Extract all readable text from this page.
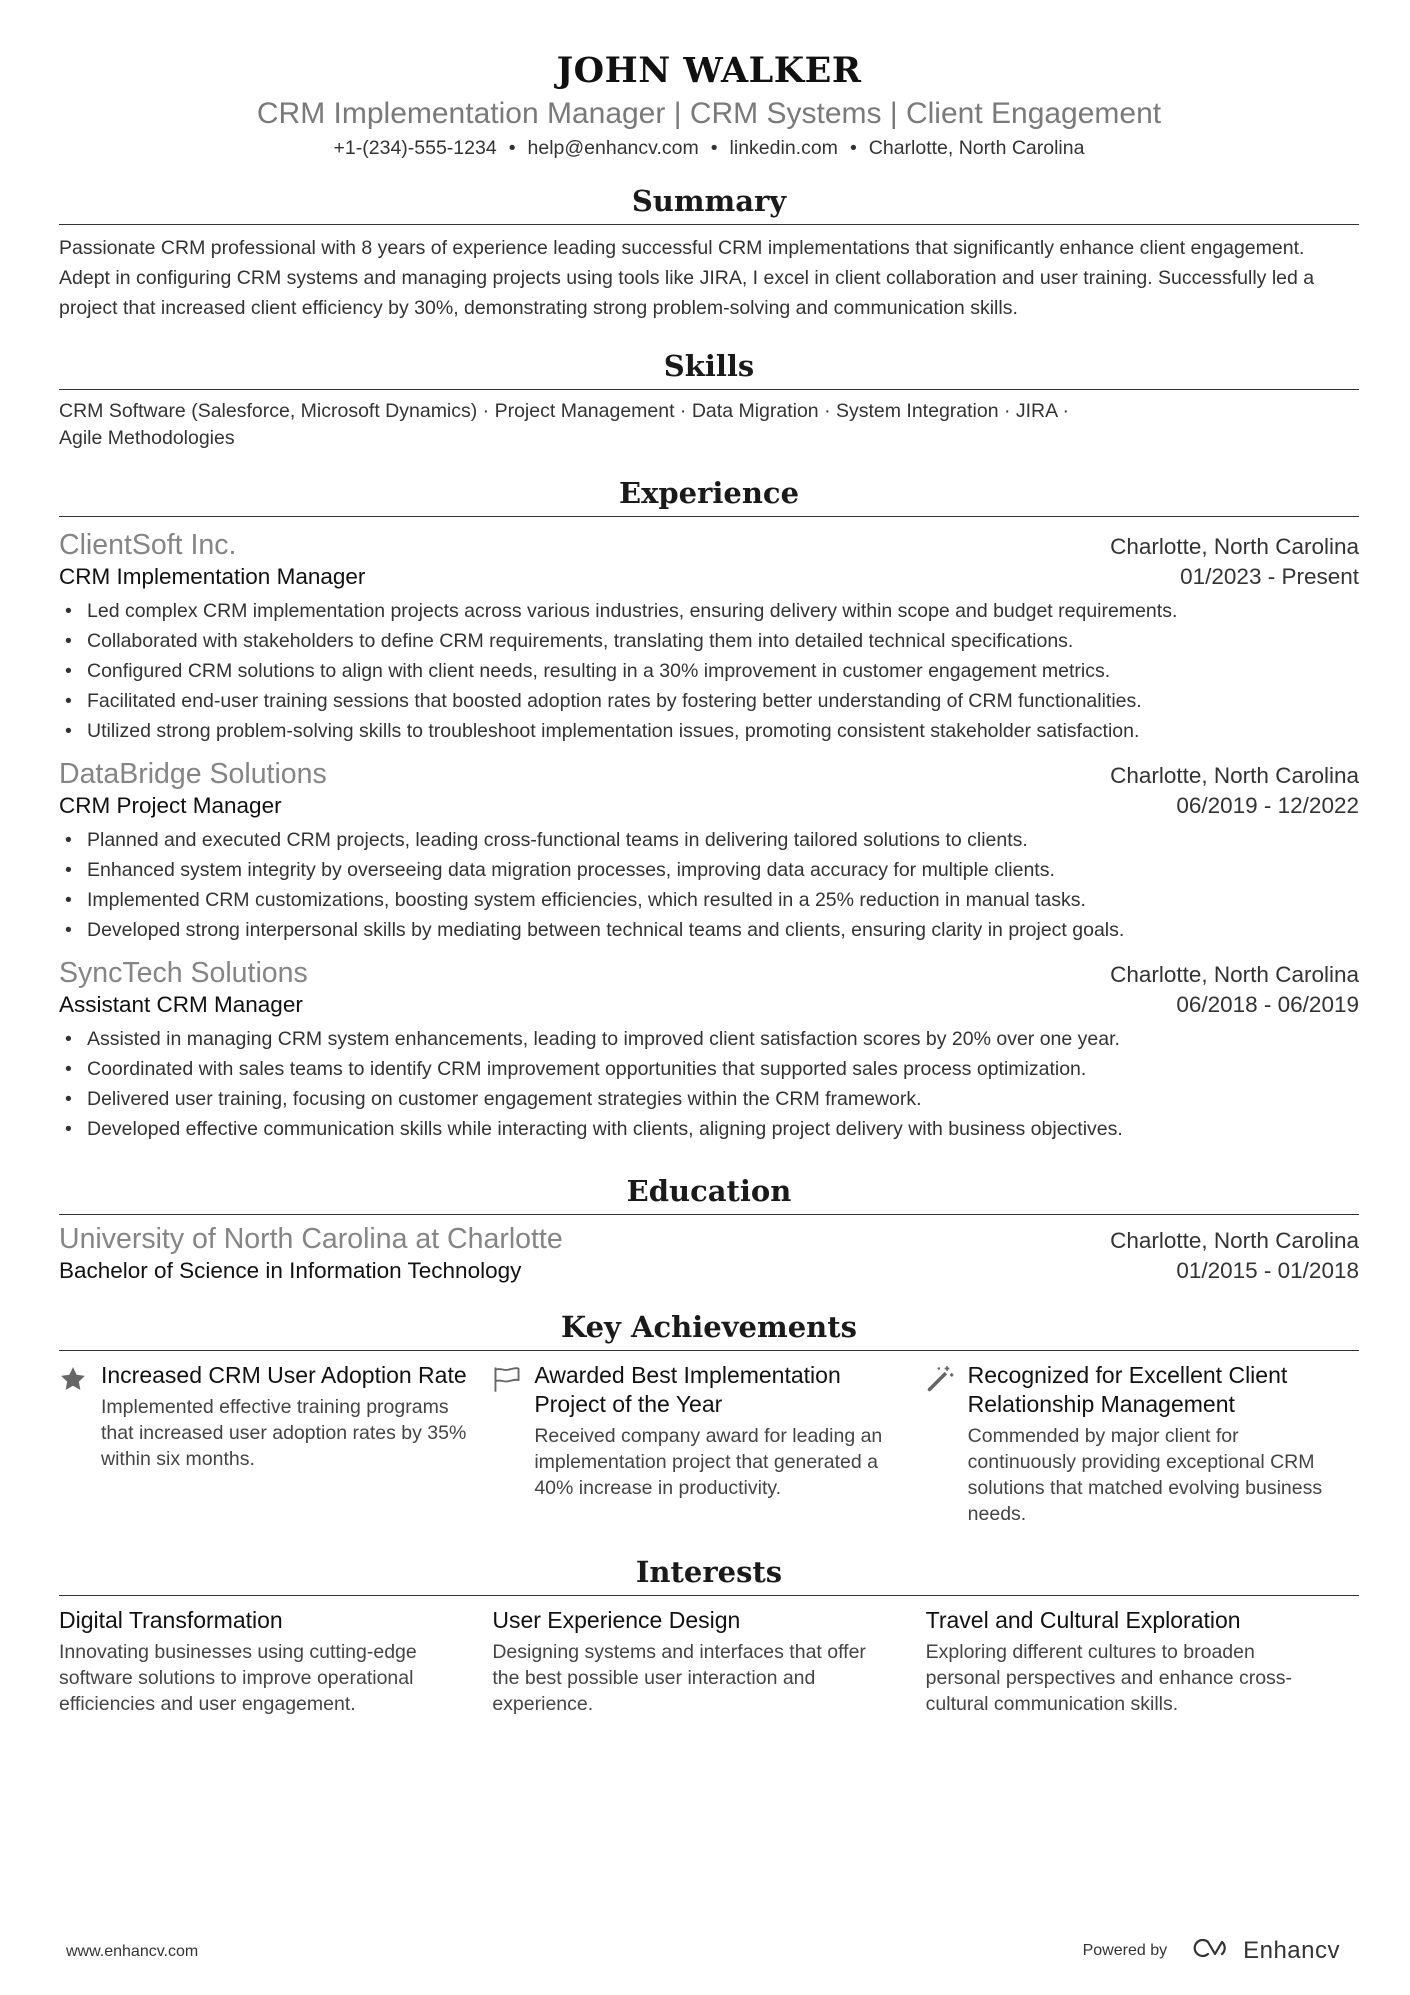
JOHN WALKER
CRM Implementation Manager | CRM Systems | Client Engagement
+1-(234)-555-1234 • help@enhancv.com • linkedin.com • Charlotte, North Carolina
Summary
Passionate CRM professional with 8 years of experience leading successful CRM implementations that significantly enhance client engagement. Adept in configuring CRM systems and managing projects using tools like JIRA, I excel in client collaboration and user training. Successfully led a project that increased client efficiency by 30%, demonstrating strong problem-solving and communication skills.
Skills
CRM Software (Salesforce, Microsoft Dynamics) · Project Management · Data Migration · System Integration · JIRA ·
Agile Methodologies
Experience
ClientSoft Inc.	Charlotte, North Carolina
CRM Implementation Manager	01/2023 - Present
• Led complex CRM implementation projects across various industries, ensuring delivery within scope and budget requirements.
• Collaborated with stakeholders to define CRM requirements, translating them into detailed technical specifications.
• Configured CRM solutions to align with client needs, resulting in a 30% improvement in customer engagement metrics.
• Facilitated end-user training sessions that boosted adoption rates by fostering better understanding of CRM functionalities.
• Utilized strong problem-solving skills to troubleshoot implementation issues, promoting consistent stakeholder satisfaction.
DataBridge Solutions	Charlotte, North Carolina
CRM Project Manager	06/2019 - 12/2022
• Planned and executed CRM projects, leading cross-functional teams in delivering tailored solutions to clients.
• Enhanced system integrity by overseeing data migration processes, improving data accuracy for multiple clients.
• Implemented CRM customizations, boosting system efficiencies, which resulted in a 25% reduction in manual tasks.
• Developed strong interpersonal skills by mediating between technical teams and clients, ensuring clarity in project goals.
SyncTech Solutions	Charlotte, North Carolina
Assistant CRM Manager	06/2018 - 06/2019
• Assisted in managing CRM system enhancements, leading to improved client satisfaction scores by 20% over one year.
• Coordinated with sales teams to identify CRM improvement opportunities that supported sales process optimization.
• Delivered user training, focusing on customer engagement strategies within the CRM framework.
• Developed effective communication skills while interacting with clients, aligning project delivery with business objectives.
Education
University of North Carolina at Charlotte	Charlotte, North Carolina
Bachelor of Science in Information Technology	01/2015 - 01/2018
Key Achievements
Increased CRM User Adoption Rate
Implemented effective training programs that increased user adoption rates by 35% within six months.
Awarded Best Implementation Project of the Year
Received company award for leading an implementation project that generated a 40% increase in productivity.
Recognized for Excellent Client Relationship Management
Commended by major client for continuously providing exceptional CRM solutions that matched evolving business needs.
Interests
Digital Transformation
Innovating businesses using cutting-edge software solutions to improve operational efficiencies and user engagement.
User Experience Design
Designing systems and interfaces that offer the best possible user interaction and experience.
Travel and Cultural Exploration
Exploring different cultures to broaden personal perspectives and enhance cross-cultural communication skills.
www.enhancv.com	Powered by	Enhancv
